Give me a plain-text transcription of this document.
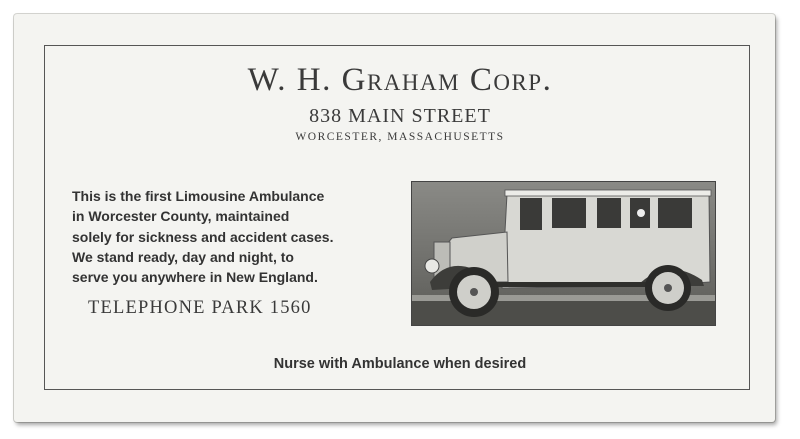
W. H. Graham Corp.
838 MAIN STREET
WORCESTER, MASSACHUSETTS
This is the first Limousine Ambulance
in Worcester County, maintained
solely for sickness and accident cases.
We stand ready, day and night, to
serve you anywhere in New England.
TELEPHONE PARK 1560
Nurse with Ambulance when desired
